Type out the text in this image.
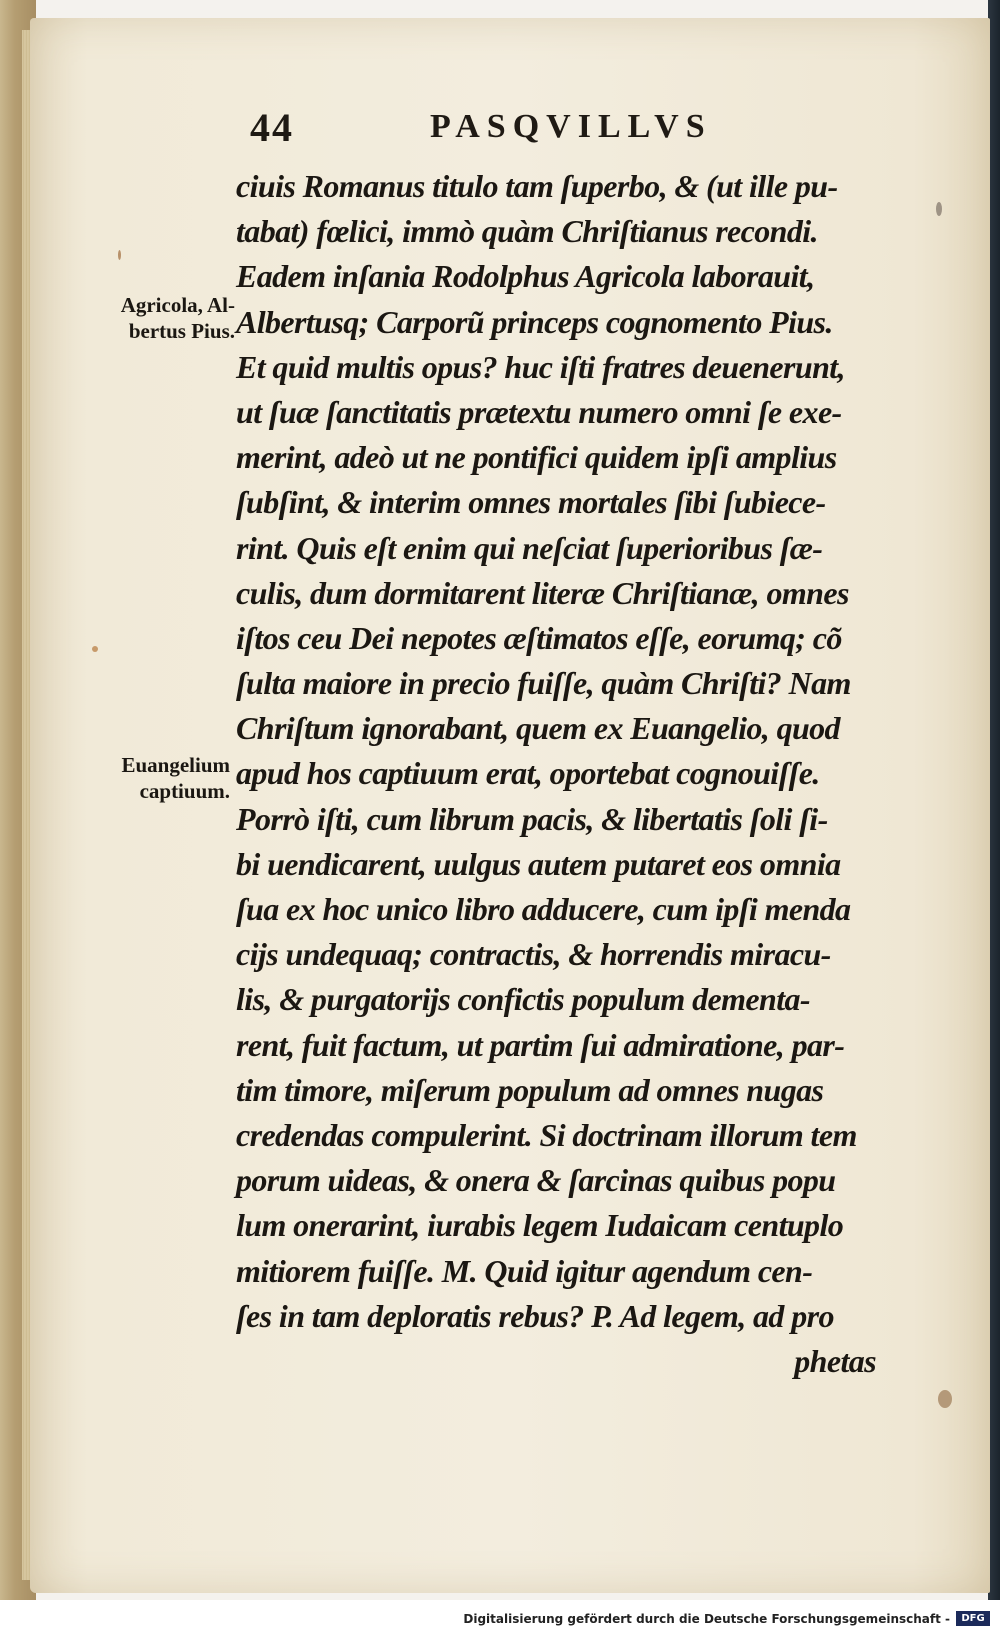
44	PASQVILLVS
Agricola, Al-
bertus Pius.
Euangelium
captiuum.
ciuis Romanus titulo tam ſuperbo, & (ut ille pu-
tabat) fœlici, immò quàm Chriſtianus recondi.
Eadem inſania Rodolphus Agricola laborauit,
Albertusq; Carporũ princeps cognomento Pius.
Et quid multis opus? huc iſti fratres deuenerunt,
ut ſuæ ſanctitatis prætextu numero omni ſe exe-
merint, adeò ut ne pontifici quidem ipſi amplius
ſubſint, & interim omnes mortales ſibi ſubiece-
rint. Quis eſt enim qui neſciat ſuperioribus ſæ-
culis, dum dormitarent literæ Chriſtianæ, omnes
iſtos ceu Dei nepotes æſtimatos eſſe, eorumq; cõ
ſulta maiore in precio fuiſſe, quàm Chriſti? Nam
Chriſtum ignorabant, quem ex Euangelio, quod
apud hos captiuum erat, oportebat cognouiſſe.
Porrò iſti, cum librum pacis, & libertatis ſoli ſi-
bi uendicarent, uulgus autem putaret eos omnia
ſua ex hoc unico libro adducere, cum ipſi menda
cijs undequaq; contractis, & horrendis miracu-
lis, & purgatorijs confictis populum dementa-
rent, fuit factum, ut partim ſui admiratione, par-
tim timore, miſerum populum ad omnes nugas
credendas compulerint. Si doctrinam illorum tem
porum uideas, & onera & ſarcinas quibus popu
lum onerarint, iurabis legem Iudaicam centuplo
mitiorem fuiſſe. M. Quid igitur agendum cen-
ſes in tam deploratis rebus? P. Ad legem, ad pro
phetas
Digitalisierung gefördert durch die Deutsche Forschungsgemeinschaft -	DFG
